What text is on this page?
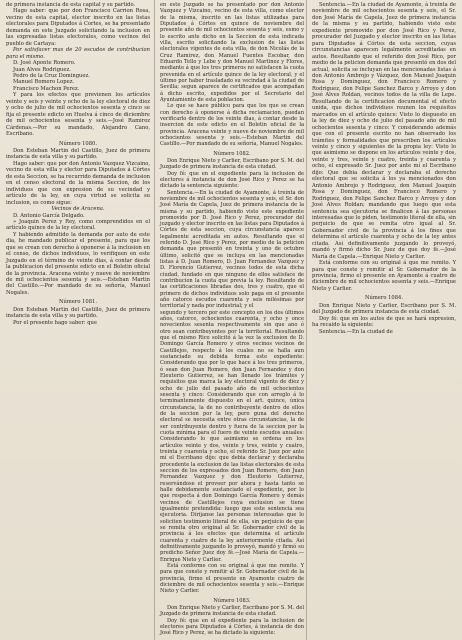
de primera instancia de esta capital y su partido.

Hago saber: que por don Francisco Carrion Rosa, vecino de esta capital, elector inscrito en las listas electorales para Diputados á Cortes, se ha presentado demanda en este Juzgado solicitando la inclusion en las expresadas listas electorales, como vecinos del pueblo de Cartaya:

Por satisfacer mas de 20 escudos de contribucion para el mismo.

D. José Aponte Romero.

Juan Alves Rodriguez.

Pedro de la Cruz Dominguez.

Manuel Romero Lopez.

Francisco Machon Perez.

Y para los efectos que previenen los artículos veinte y seis y veinte y ocho de la ley electoral de diez y ocho de julio de mil ochocientos sesenta y cinco se fija el presente edicto en Huelva á cinco de diciembre de mil ochocientos sesenta y seis.—José Ramirez Cárdenas.—Por su mandado, Alejandro Cano, Escribano.

Número 1080.

Don Esteban Martin del Castillo, Juez de primera instancia de esta villa y su partido.

Hago saber: que por don Antonio Vazquez Vizcaino, vecino de esta villa y elector para Diputados á Córtes de esta Seccion, se ha recurrido demanda de inclusion en el censo electoral de la misma Seccion, de los individuos que con expresion de su vecindad y artículo de la ley, en cuya virtud se solicita su inclusion, es como sigue:

Vecinos de Aracena.

D. Antonio García Delgado.

» Joaquin Perez y Rey, como comprendidos en el artículo quince de la ley electoral.

Y habiendo admitido la demanda por auto de este dia, he mandado publicar el presente, para que los que se crean con derecho á oponerse á la inclusion en el censo, de dichos individuos, lo verifiquen en este Juzgado en el término de veinte dias, á contar desde la publicacion del presente edicto en el Boletin oficial de la provincia. Aracena veinte y nueve de noviembre de mil ochocientos sesenta y seis.—Esteban Martin del Castillo.—Por mandado de su señoría, Manuel Nogales.

Número 1081.

Don Esteban Martin del Castillo, Juez de primera instancia de esta villa y su partido.

Por el presente hago saber: que

en este Juzgado se ha presentado por don Antonio Vazquez y Vizcaino, vecino de esta villa, como elector de la misma, inscrito en las listas utilizadas para Diputados á Córtes en quince de noviembre del presente año de mil ochocientos sesenta y seis, esmo y lo escrito ante dicho en la Seccion de esta indicada villa, escrito solicitando la exclusion de las listas electorales vigentes de esta villa, de don Nicolás de la Cruz Ramirez, don Manuel Fuentes Escobar, don Eduardo Tello y Lebe y don Manuel Martinez y Flores, mediante á que los tres primeros no satisfacen la cuota prevenida en el artículo quince de la ley electoral, y el último por haber trasladado su vecindad á la ciudad de Sevilla; segun aparece de certificados que acompañan á dicho escrito, expedidos por el Secretario del Ayuntamiento de esta poblacion.

Lo que se hace público para que los que se crean con derecho á oponerse á dicha reclamacion, puedan verificarlo dentro de los veinte dias, á contar desde la insercion de este edicto en el Boletin oficial de la provincia. Aracena veinte y nueve de noviembre de mil ochocientos sesenta y seis.—Esteban Martin del Castillo.—Por mandado de su señoría, Manuel Nogales.

Número 1082.

Don Enrique Nieto y Carlier, Escribano por S. M. del Juzgado de primera instancia de esta ciudad.

Doy fé: que en el expediente para la inclusion de electores á instancia de don José Rico y Perez se ha dictado la sentencia siguiente:

Sentencia.—En la ciudad de Ayamonte, á treinta de noviembre de mil ochocientos sesenta y seis, el Sr. don José María de Capela, Juez de primera instancia de la misma y su partido, habiendo visto este expediente promovido por D. José Rico y Perez, procurador del juzgado y elector inscrito en las listas para Diputados á Córtes de esta seccion, cuya circunstancia aparece legalmente acreditada en autos. Resultando que el referido D. José Rico y Perez, por medio de la peticion demanda que presentó en treinta y uno de octubre último, solicitó que se incluya en las mencionadas listas á D. Juan Romero, D. Juan Fernandez Vazquez y D. Florencio Gutierrez, vecinos todos de esta dicha ciudad, fundado en que ninguno de ellos satisface de contribucion la cuota que previa la ley. Resultando de las certificaciones libradas dos, tres y cuatro, que el primero de dichos individuos solo paga en el presente año catorce escudos cuarenta y seis milésimas por territorial y nada por industrial; y el

segundo y tercero por este concepto en los dos últimos años, catorce, ochocientos cuarenta, y ocho y once novecientos sesenta respectivamente sin que ano ó otro sean contribuyentes por la territorial. Resultando que el mismo Rico solicitó á la vez la exclusion de D. Domingo García Romero y otros vecinos vecinos de Castillejos, respecto á los cuales no se halla aun sustanciado su debida forma este expediente: Considerando que por lo que hace á los tres primeros, ó sean don Juan Romero, don Juan Fernandez y don Eleuterio Gutierrez, se han llenado los trámites y requisitos que marca la ley electoral vigente de diez y ocho de julio del pasado año de mil ochocientos sesenta y cinco: Considerando que con arreglo á lo terminantemente dispuesto en el art. quince, única circunstancia, la de no contribuyente dentro de ellos de la seccion por la ley, pero guna del derecho electoral se necesita entre otras circunstancias, la de ser contribuyente dentro y fuera de la seccion por la cuota mínima para el fuero de veinte escudos anuales: Considerando lo que asimismo se ordena en los artículos veinte y dos, veinte y tres, veinte y cuatro, treinta y cuarenta y ocho, el referido Sr. Juez por ante mí el Escribano dijo: que debia declarar y declaraba procedente la exclusion de las listas electorales de esta seccion de los expresados don Juan Romero, don Juan Fernandez Vazquez y don Eleuterio Gutierrez, reservándose el proveer por ahora y hasta tanto se halle debidamente sustanciado el expediente, por lo que respecta á don Domingo García Romero y demás vecinos de Castillejos cuya exclusion se tiene igualmente pretendida: luego que este sentencia sea ejecutoria. Dirijanse las personas interesadas que lo soliciten testimonio literal de ella, sin perjuicio de que se remita otro original al Sr. Gobernador civil de la provincia á los efectos que determina el artículo cuarenta y cuatro de la ley anteriormente citada. Asi definitivamente juzgando lo proveyó, mandó y firmó su predicho Señor Juez doy fé.—José María de Capela.—Enrique Nieto y Carlier.

Está conforme con su original á que me remito. Y para que conste y remitir al Sr. Gobernador civil de la provincia, firmo el presente en Ayamonte cuatro de diciembre de mil ochocientos sesenta y seis.—Enrique Nieto y Carlier.

Número 1083.

Don Enrique Nieto y Carlier, Escribano por S. M. del Juzgado de primera instancia de esta ciudad.

Doy fé: que en el expediente para la inclusion de electores para Diputados á Córtes, á instancia de don José Rico y Perez, se ha dictado la siguiente:

Sentencia.—En la ciudad de Ayamonte, á treinta de noviembre de mil ochocientos sesenta y seis, el Sr. don José María de Capela, Juez de primera instancia de la misma y su partido, habiendo visto este expediente promovido por don José Rico y Perez, procurador del Juzgado y elector inscrito en las listas para Diputados á Córtes de esta seccion, cuyas circunstancias aparecen legalmente acreditadas en autos. Resultando que el referido don José Rico, por medio de la peticion demanda que presentó en dos del actual, solicita se incluyan en las mencionadas listas á don Antonio Ambrojo y Vázquez, don Manuel Joaquin Rosa y Dominguez, don Francisco Romero y Rodriguez, don Felipe Sanchez Barco y Arroyo y don José Alves Roldan, vecinos todos de la villa de Lepe. Resultando de la certificacion documental el efecto unida, que dichos individuos reunen los requisitos marcados en el artículo quince: Visto lo dispuesto en la ley de diez y ocho de julio del pasado año de mil ochocientos sesenta y cinco: Y considerando además que con el presente escrito no han observado los trámites y formalidades que prescriben los artículos veinte y cinco y siguientes de la propia ley: Visto lo que asimismo se dispone en los artículos veinte y dos, veinte y tres, veinte y cuatro, treinta y cuarenta y ocho, el expresado Sr. Juez por ante mí el Escribano dijo: Que debia declarar y declaraba el derecho electoral que se solicita á los ya mencionados don Antonio Ambrojo y Rodriguez, don Manuel Joaquin Rosa y Dominguez, don Francisco Romero y Rodriguez, don Felipe Sanchez Barco y Arroyo y don José Alves Roldan; mandando que luego que esta sentencia sea ejecutoria se finalicen á las personas interesadas que lo piden, testimonio literal de ella, sin perjuicio de que se remita otro igual al Sr. Gobernador civil de la provincia á los fines que determina el artículo cuarenta y ocho de la ley antes citada. Asi definitivamente juzgando lo proveyó, mandó y firmó dicho Sr. Juez de que doy fé.—José María de Capela.—Enrique Nieto y Carlier.

Está conforme con su original á que me remito. Y para que conste y remitir al Sr. Gobernador de la provincia, firmo el presente en Ayamonte á cuatro de diciembre de mil ochocientos sesenta y seis.—Enrique Nieto y Carlier.

Número 1084.

Don Enrique Nieto y Carlier, Escribano por S. M. del Juzgado de primera instancia de esta ciudad.

Doy fé: que en los autos de que se hará expresion, ha recaido la siguiente:

Sentencia.—En la ciudad de
